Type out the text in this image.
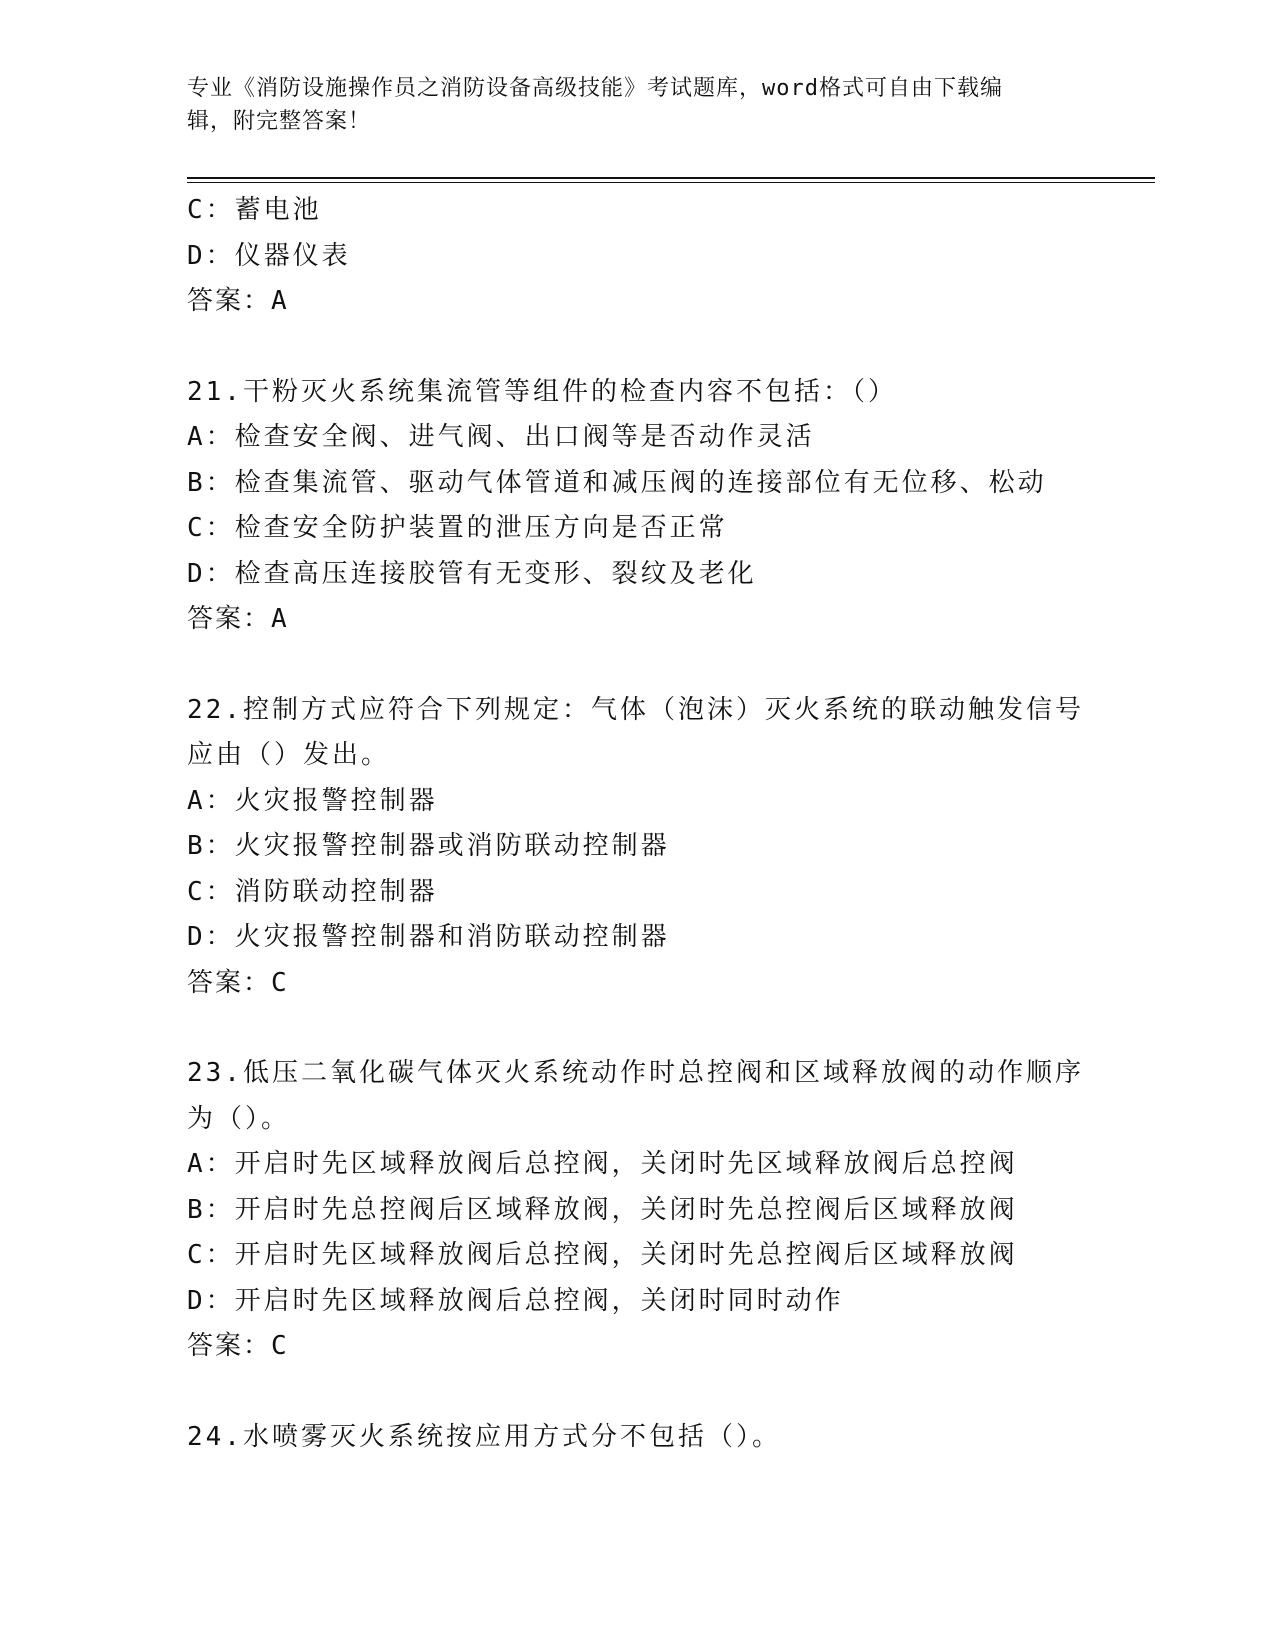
专业《消防设施操作员之消防设备高级技能》考试题库，word格式可自由下载编
辑，附完整答案！
C：蓄电池
D：仪器仪表
答案：A
21.干粉灭火系统集流管等组件的检查内容不包括：（）
A：检查安全阀、进气阀、出口阀等是否动作灵活
B：检查集流管、驱动气体管道和减压阀的连接部位有无位移、松动
C：检查安全防护装置的泄压方向是否正常
D：检查高压连接胶管有无变形、裂纹及老化
答案：A
22.控制方式应符合下列规定：气体（泡沫）灭火系统的联动触发信号
应由（）发出。
A：火灾报警控制器
B：火灾报警控制器或消防联动控制器
C：消防联动控制器
D：火灾报警控制器和消防联动控制器
答案：C
23.低压二氧化碳气体灭火系统动作时总控阀和区域释放阀的动作顺序
为（）。
A：开启时先区域释放阀后总控阀，关闭时先区域释放阀后总控阀
B：开启时先总控阀后区域释放阀，关闭时先总控阀后区域释放阀
C：开启时先区域释放阀后总控阀，关闭时先总控阀后区域释放阀
D：开启时先区域释放阀后总控阀，关闭时同时动作
答案：C
24.水喷雾灭火系统按应用方式分不包括（）。
